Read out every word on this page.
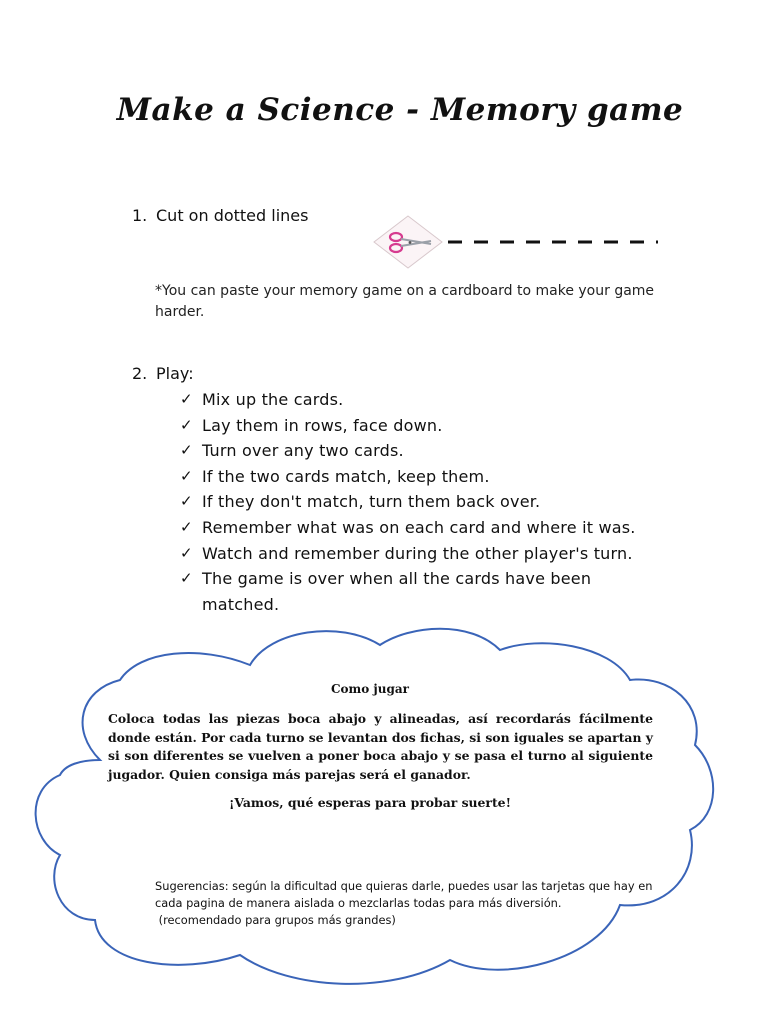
Make a Science - Memory game
1. Cut on dotted lines
*You can paste your memory game on a cardboard to make your game harder.
2. Play:
✓ Mix up the cards.
✓ Lay them in rows, face down.
✓ Turn over any two cards.
✓ If the two cards match, keep them.
✓ If they don't match, turn them back over.
✓ Remember what was on each card and where it was.
✓ Watch and remember during the other player's turn.
✓ The game is over when all the cards have been matched.
Como jugar
Coloca todas las piezas boca abajo y alineadas, así recordarás fácilmente donde están. Por cada turno se levantan dos fichas, si son iguales se apartan y si son diferentes se vuelven a poner boca abajo y se pasa el turno al siguiente jugador. Quien consiga más parejas será el ganador.
¡Vamos, qué esperas para probar suerte!
Sugerencias: según la dificultad que quieras darle, puedes usar las tarjetas que hay en
cada pagina de manera aislada o mezclarlas todas para más diversión.
(recomendado para grupos más grandes)
